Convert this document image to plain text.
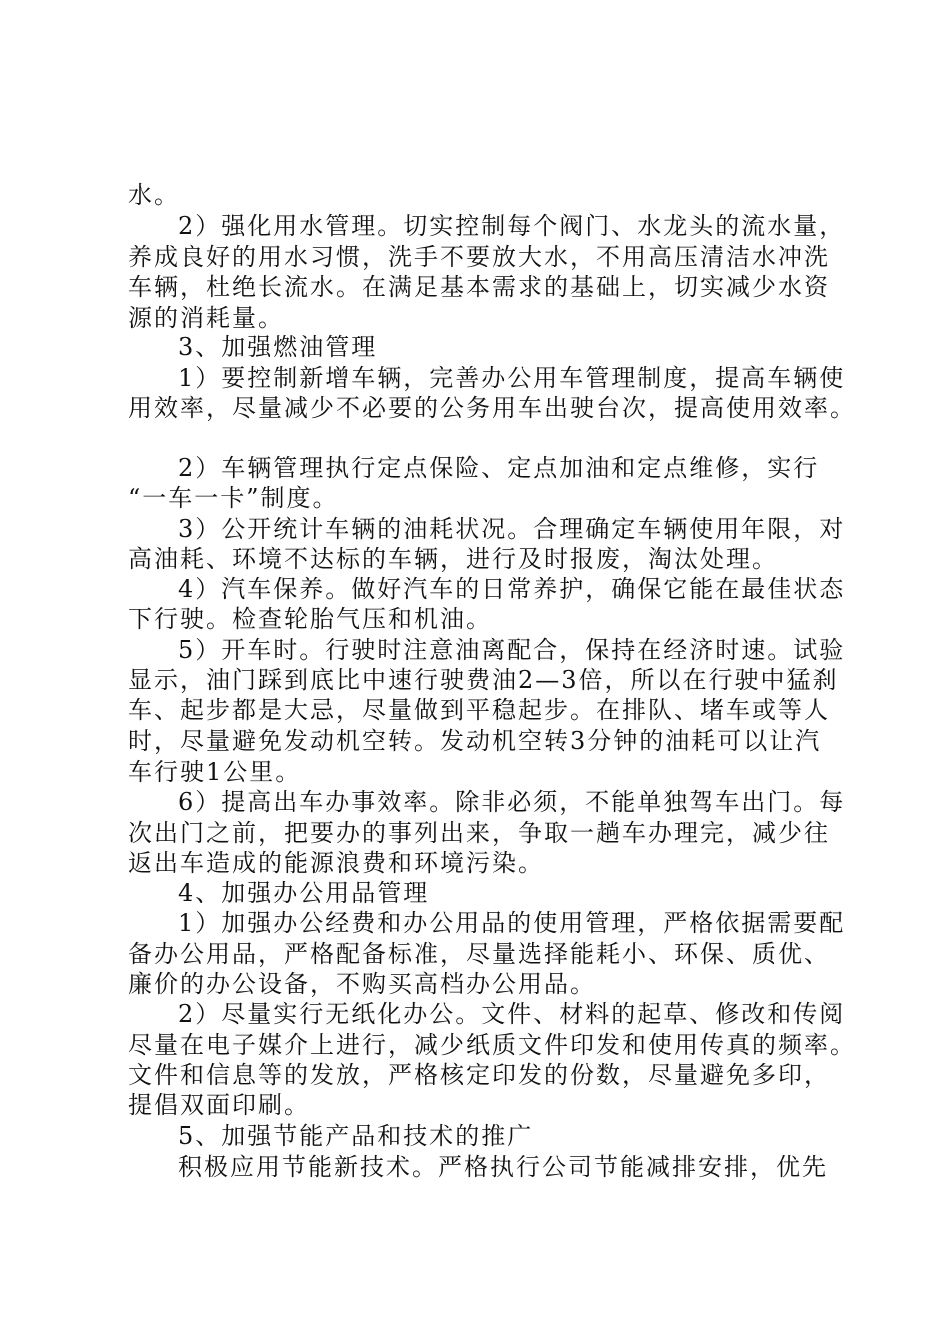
水。
2）强化用水管理。切实控制每个阀门、水龙头的流水量，
养成良好的用水习惯，洗手不要放大水，不用高压清洁水冲洗
车辆，杜绝长流水。在满足基本需求的基础上，切实减少水资
源的消耗量。
3、加强燃油管理
1）要控制新增车辆，完善办公用车管理制度，提高车辆使
用效率，尽量减少不必要的公务用车出驶台次，提高使用效率。
2）车辆管理执行定点保险、定点加油和定点维修，实行
“一车一卡”制度。
3）公开统计车辆的油耗状况。合理确定车辆使用年限，对
高油耗、环境不达标的车辆，进行及时报废，淘汰处理。
4）汽车保养。做好汽车的日常养护，确保它能在最佳状态
下行驶。检查轮胎气压和机油。
5）开车时。行驶时注意油离配合，保持在经济时速。试验
显示，油门踩到底比中速行驶费油2—3倍，所以在行驶中猛刹
车、起步都是大忌，尽量做到平稳起步。在排队、堵车或等人
时，尽量避免发动机空转。发动机空转3分钟的油耗可以让汽
车行驶1公里。
6）提高出车办事效率。除非必须，不能单独驾车出门。每
次出门之前，把要办的事列出来，争取一趟车办理完，减少往
返出车造成的能源浪费和环境污染。
4、加强办公用品管理
1）加强办公经费和办公用品的使用管理，严格依据需要配
备办公用品，严格配备标准，尽量选择能耗小、环保、质优、
廉价的办公设备，不购买高档办公用品。
2）尽量实行无纸化办公。文件、材料的起草、修改和传阅
尽量在电子媒介上进行，减少纸质文件印发和使用传真的频率。
文件和信息等的发放，严格核定印发的份数，尽量避免多印，
提倡双面印刷。
5、加强节能产品和技术的推广
积极应用节能新技术。严格执行公司节能减排安排，优先
